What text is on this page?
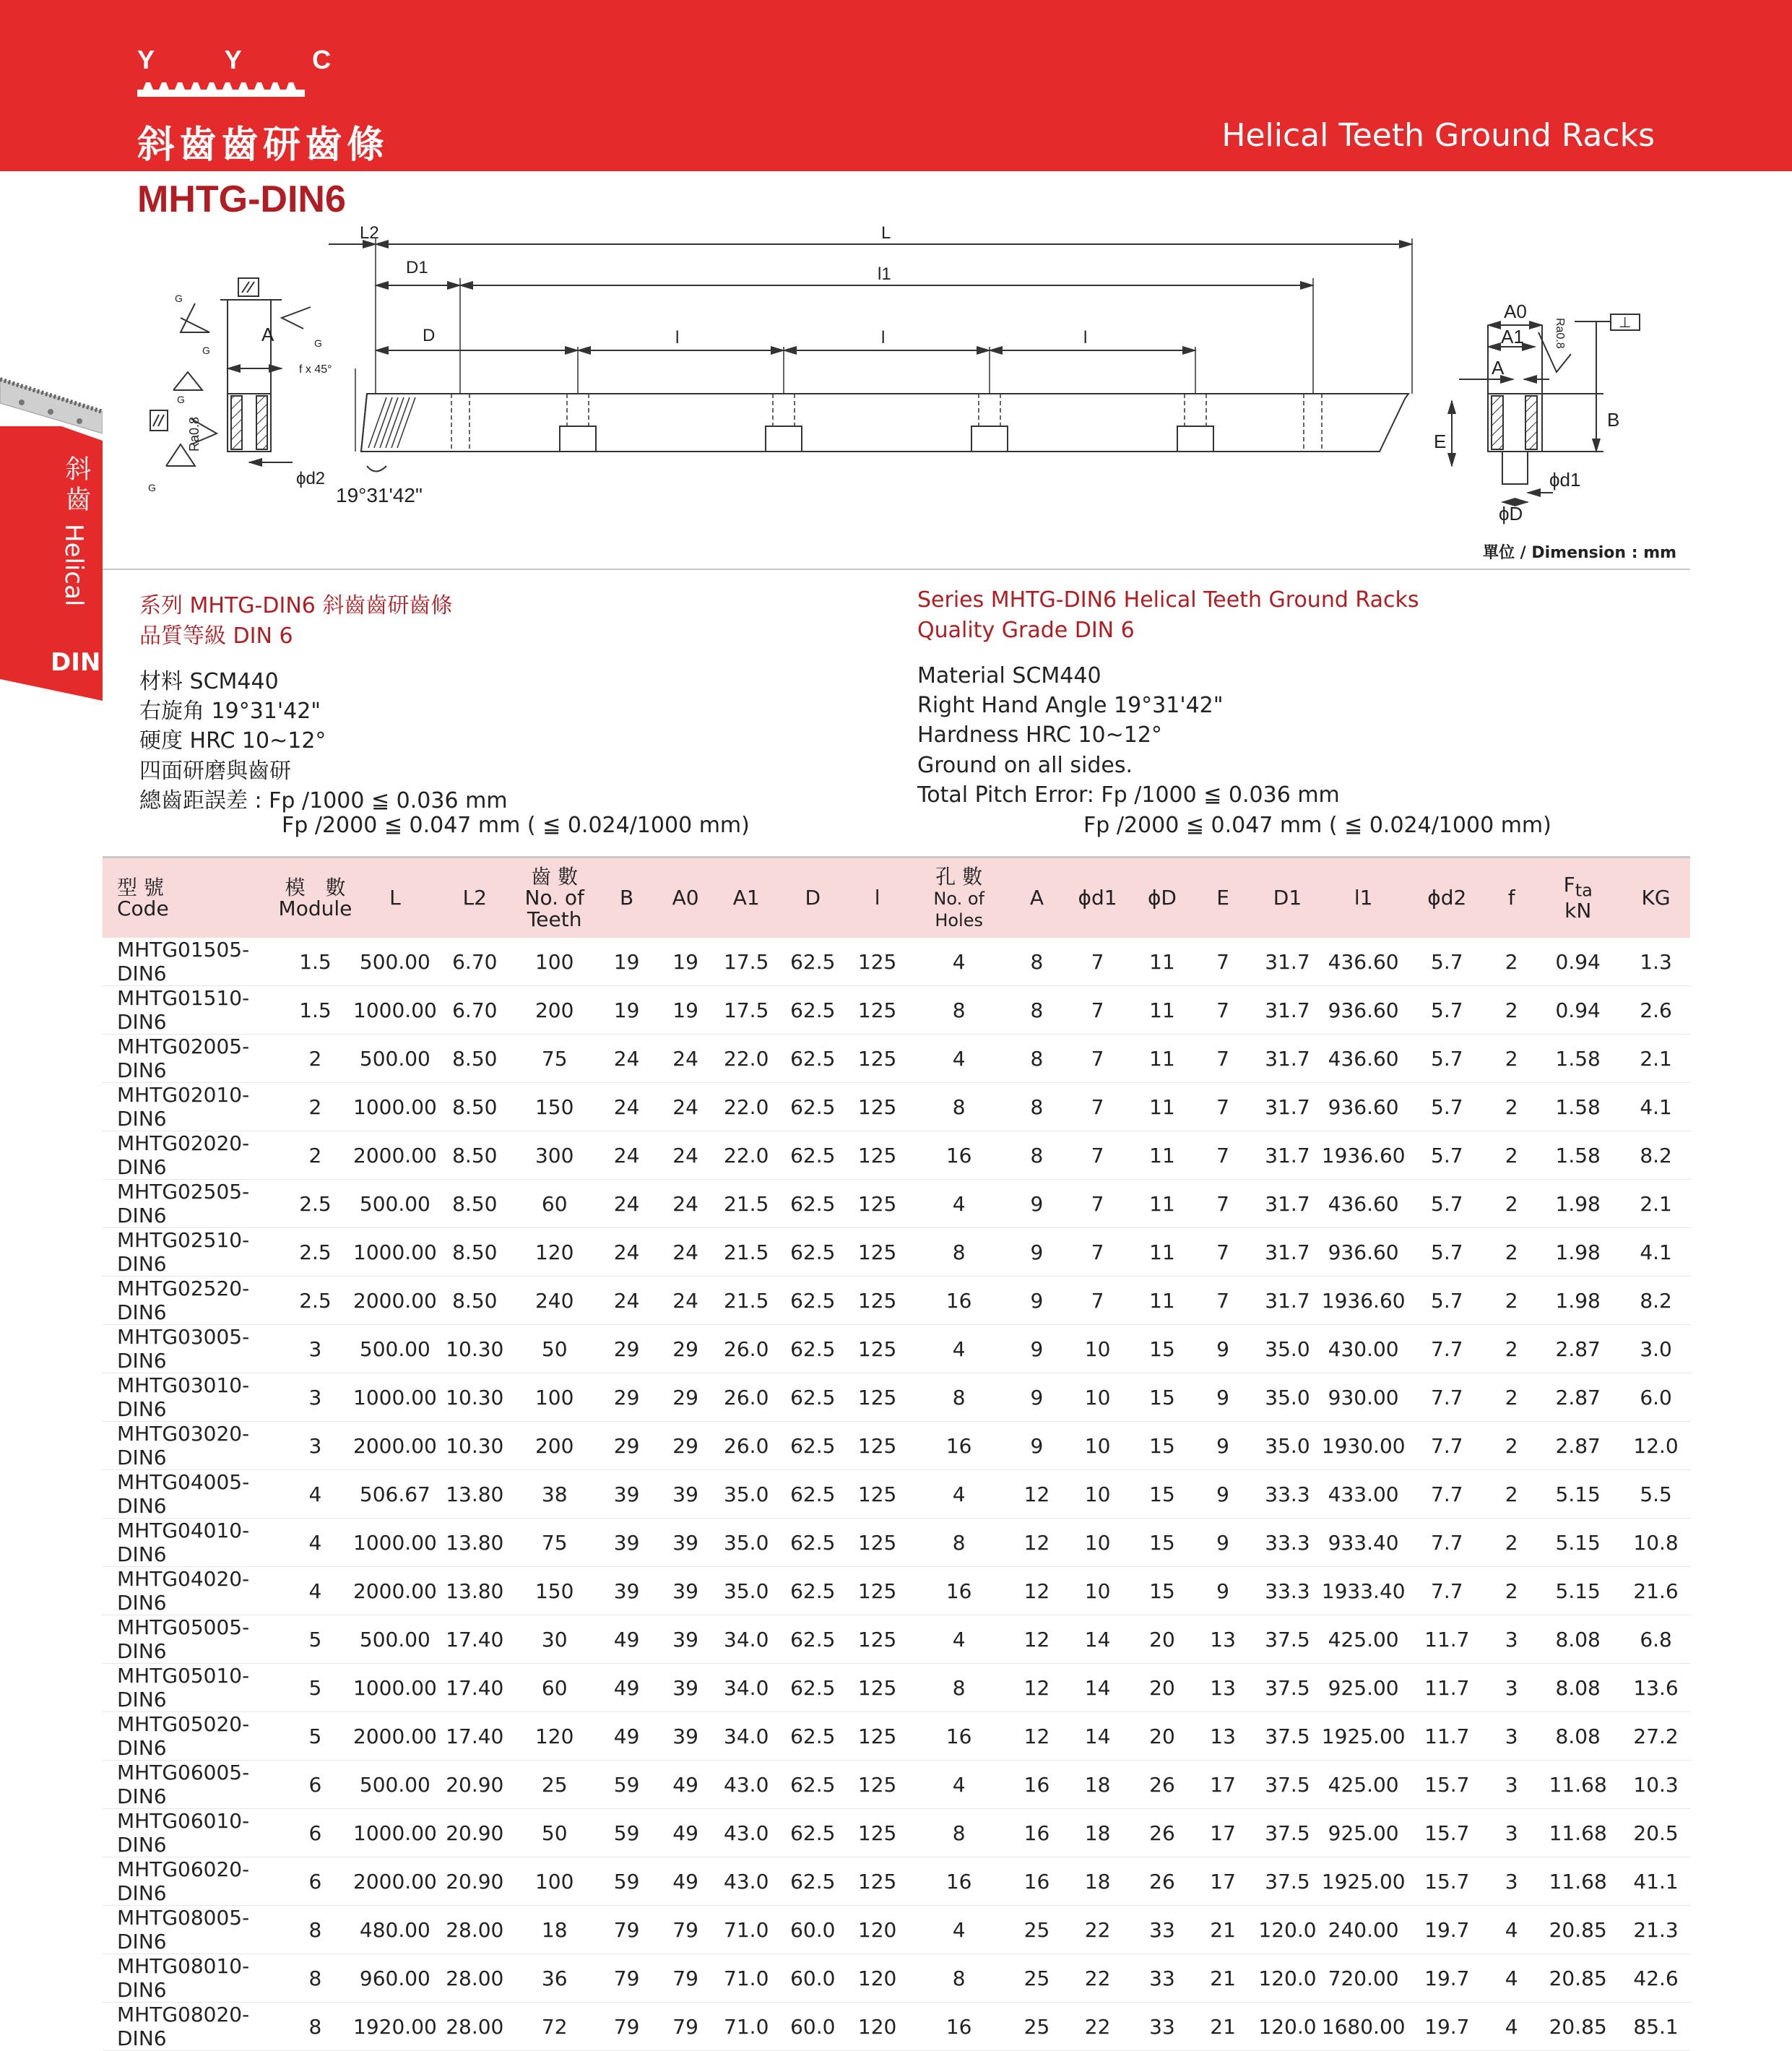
Y Y C
斜齒齒研齒條	Helical Teeth Ground Racks
MHTG-DIN6
斜齒
Helical
DIN
A
f x 45°
ϕd2
Ra0.8
G
G
G
G
G
L2	L
D1	l1
D	l	l	l
19°31'42"
A0
A1
A
B
E
ϕd1
ϕD
Ra0.8	⊥
單位 / Dimension : mm
系列 MHTG-DIN6 斜齒齒研齒條
品質等級 DIN 6
材料 SCM440
右旋角 19°31'42"
硬度 HRC 10~12°
四面研磨與齒研
總齒距誤差 : Fp /1000 ≦ 0.036 mm
Fp /2000 ≦ 0.047 mm ( ≦ 0.024/1000 mm)
Series MHTG-DIN6 Helical Teeth Ground Racks
Quality Grade DIN 6
Material SCM440
Right Hand Angle 19°31'42"
Hardness HRC 10~12°
Ground on all sides.
Total Pitch Error: Fp /1000 ≦ 0.036 mm
Fp /2000 ≦ 0.047 mm ( ≦ 0.024/1000 mm)
型 號
Code	模　數
Module	L	L2	齒 數
No. of
Teeth	B	A0	A1	D	l	孔 數
No. of
Holes	A	ϕd1	ϕD	E	D1	l1	ϕd2	f	$F_{ta}$
kN	KG
MHTG01505-DIN6	1.5	500.00	6.70	100	19	19	17.5	62.5	125	4	8	7	11	7	31.7	436.60	5.7	2	0.94	1.3
MHTG01510-DIN6	1.5	1000.00	6.70	200	19	19	17.5	62.5	125	8	8	7	11	7	31.7	936.60	5.7	2	0.94	2.6
MHTG02005-DIN6	2	500.00	8.50	75	24	24	22.0	62.5	125	4	8	7	11	7	31.7	436.60	5.7	2	1.58	2.1
MHTG02010-DIN6	2	1000.00	8.50	150	24	24	22.0	62.5	125	8	8	7	11	7	31.7	936.60	5.7	2	1.58	4.1
MHTG02020-DIN6	2	2000.00	8.50	300	24	24	22.0	62.5	125	16	8	7	11	7	31.7	1936.60	5.7	2	1.58	8.2
MHTG02505-DIN6	2.5	500.00	8.50	60	24	24	21.5	62.5	125	4	9	7	11	7	31.7	436.60	5.7	2	1.98	2.1
MHTG02510-DIN6	2.5	1000.00	8.50	120	24	24	21.5	62.5	125	8	9	7	11	7	31.7	936.60	5.7	2	1.98	4.1
MHTG02520-DIN6	2.5	2000.00	8.50	240	24	24	21.5	62.5	125	16	9	7	11	7	31.7	1936.60	5.7	2	1.98	8.2
MHTG03005-DIN6	3	500.00	10.30	50	29	29	26.0	62.5	125	4	9	10	15	9	35.0	430.00	7.7	2	2.87	3.0
MHTG03010-DIN6	3	1000.00	10.30	100	29	29	26.0	62.5	125	8	9	10	15	9	35.0	930.00	7.7	2	2.87	6.0
MHTG03020-DIN6	3	2000.00	10.30	200	29	29	26.0	62.5	125	16	9	10	15	9	35.0	1930.00	7.7	2	2.87	12.0
MHTG04005-DIN6	4	506.67	13.80	38	39	39	35.0	62.5	125	4	12	10	15	9	33.3	433.00	7.7	2	5.15	5.5
MHTG04010-DIN6	4	1000.00	13.80	75	39	39	35.0	62.5	125	8	12	10	15	9	33.3	933.40	7.7	2	5.15	10.8
MHTG04020-DIN6	4	2000.00	13.80	150	39	39	35.0	62.5	125	16	12	10	15	9	33.3	1933.40	7.7	2	5.15	21.6
MHTG05005-DIN6	5	500.00	17.40	30	49	39	34.0	62.5	125	4	12	14	20	13	37.5	425.00	11.7	3	8.08	6.8
MHTG05010-DIN6	5	1000.00	17.40	60	49	39	34.0	62.5	125	8	12	14	20	13	37.5	925.00	11.7	3	8.08	13.6
MHTG05020-DIN6	5	2000.00	17.40	120	49	39	34.0	62.5	125	16	12	14	20	13	37.5	1925.00	11.7	3	8.08	27.2
MHTG06005-DIN6	6	500.00	20.90	25	59	49	43.0	62.5	125	4	16	18	26	17	37.5	425.00	15.7	3	11.68	10.3
MHTG06010-DIN6	6	1000.00	20.90	50	59	49	43.0	62.5	125	8	16	18	26	17	37.5	925.00	15.7	3	11.68	20.5
MHTG06020-DIN6	6	2000.00	20.90	100	59	49	43.0	62.5	125	16	16	18	26	17	37.5	1925.00	15.7	3	11.68	41.1
MHTG08005-DIN6	8	480.00	28.00	18	79	79	71.0	60.0	120	4	25	22	33	21	120.0	240.00	19.7	4	20.85	21.3
MHTG08010-DIN6	8	960.00	28.00	36	79	79	71.0	60.0	120	8	25	22	33	21	120.0	720.00	19.7	4	20.85	42.6
MHTG08020-DIN6	8	1920.00	28.00	72	79	79	71.0	60.0	120	16	25	22	33	21	120.0	1680.00	19.7	4	20.85	85.1
